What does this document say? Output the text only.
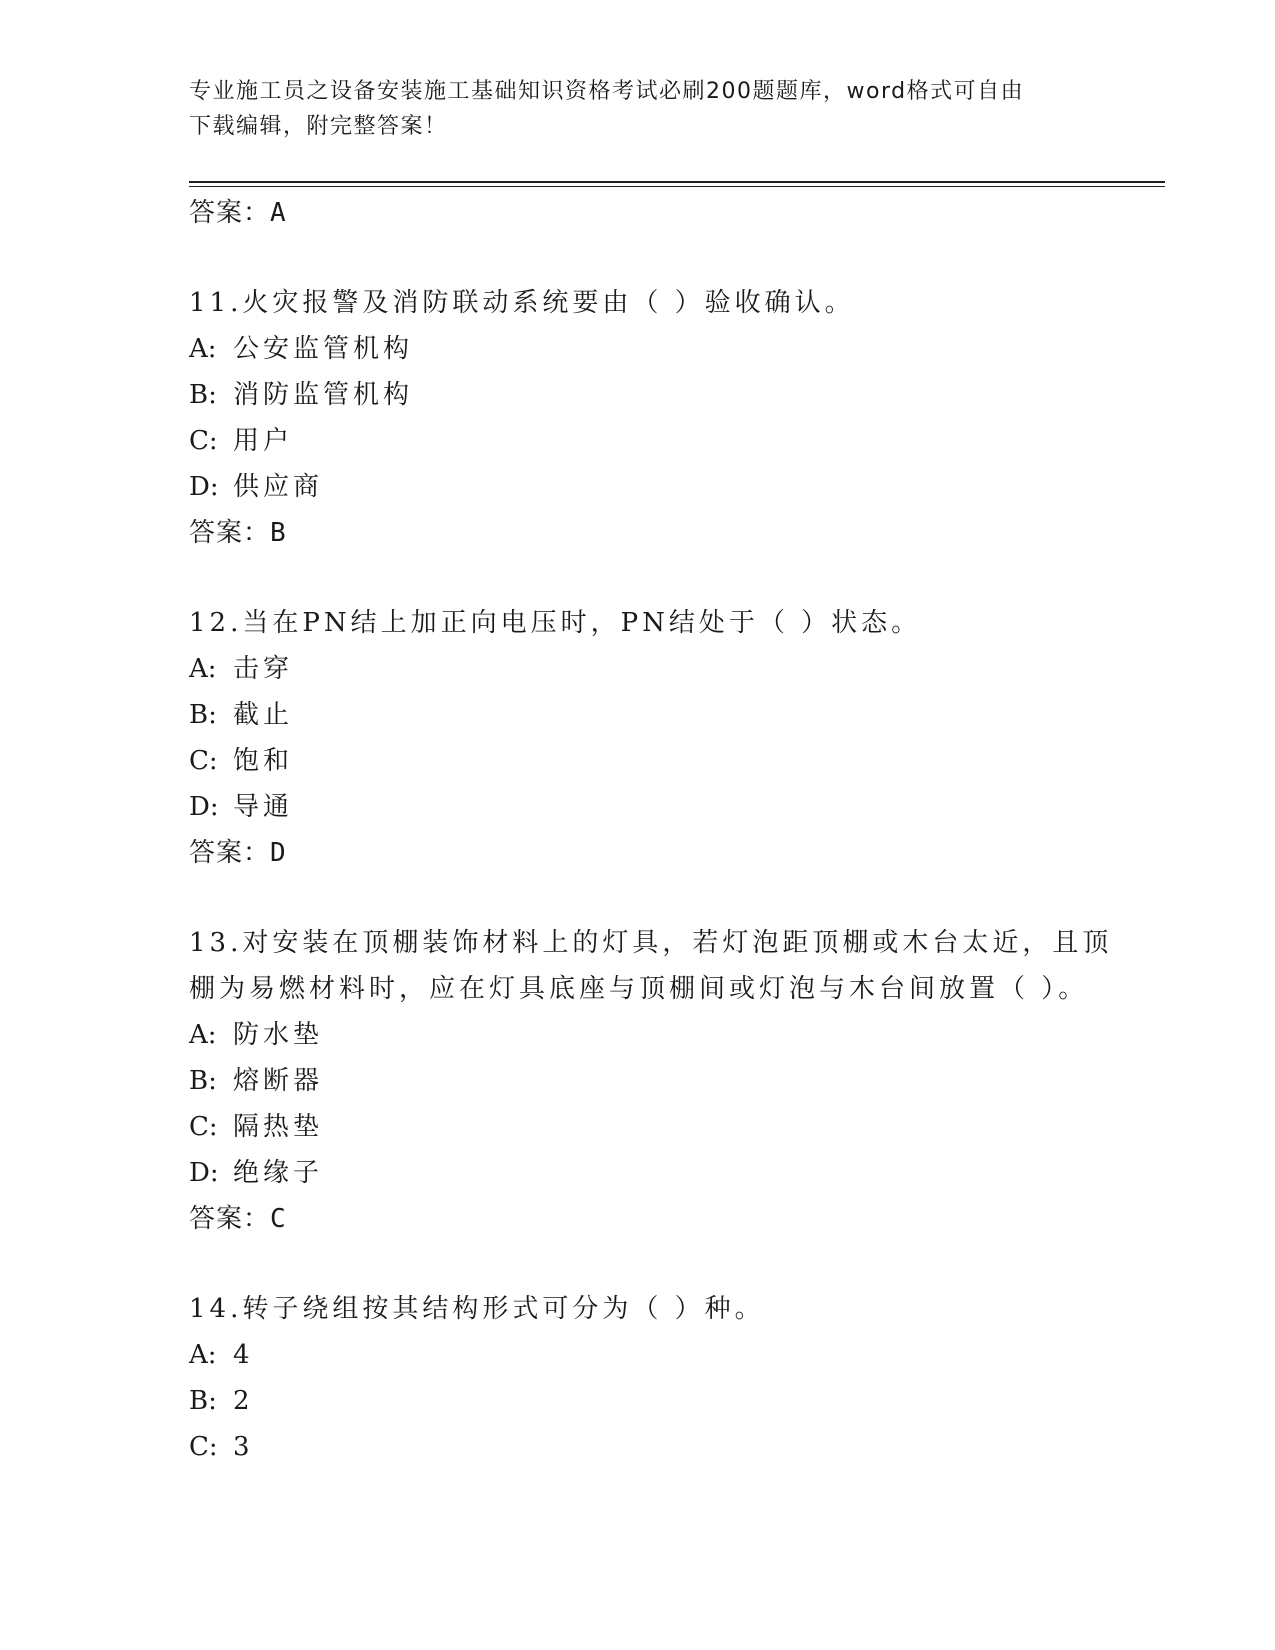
专业施工员之设备安装施工基础知识资格考试必刷200题题库，word格式可自由
下载编辑，附完整答案！
答案：A
11.火灾报警及消防联动系统要由（ ）验收确认。
A: 公安监管机构
B: 消防监管机构
C: 用户
D: 供应商
答案：B
12.当在PN结上加正向电压时，PN结处于（ ）状态。
A: 击穿
B: 截止
C: 饱和
D: 导通
答案：D
13.对安装在顶棚装饰材料上的灯具，若灯泡距顶棚或木台太近，且顶
棚为易燃材料时，应在灯具底座与顶棚间或灯泡与木台间放置（ ）。
A: 防水垫
B: 熔断器
C: 隔热垫
D: 绝缘子
答案：C
14.转子绕组按其结构形式可分为（ ）种。
A: 4
B: 2
C: 3
